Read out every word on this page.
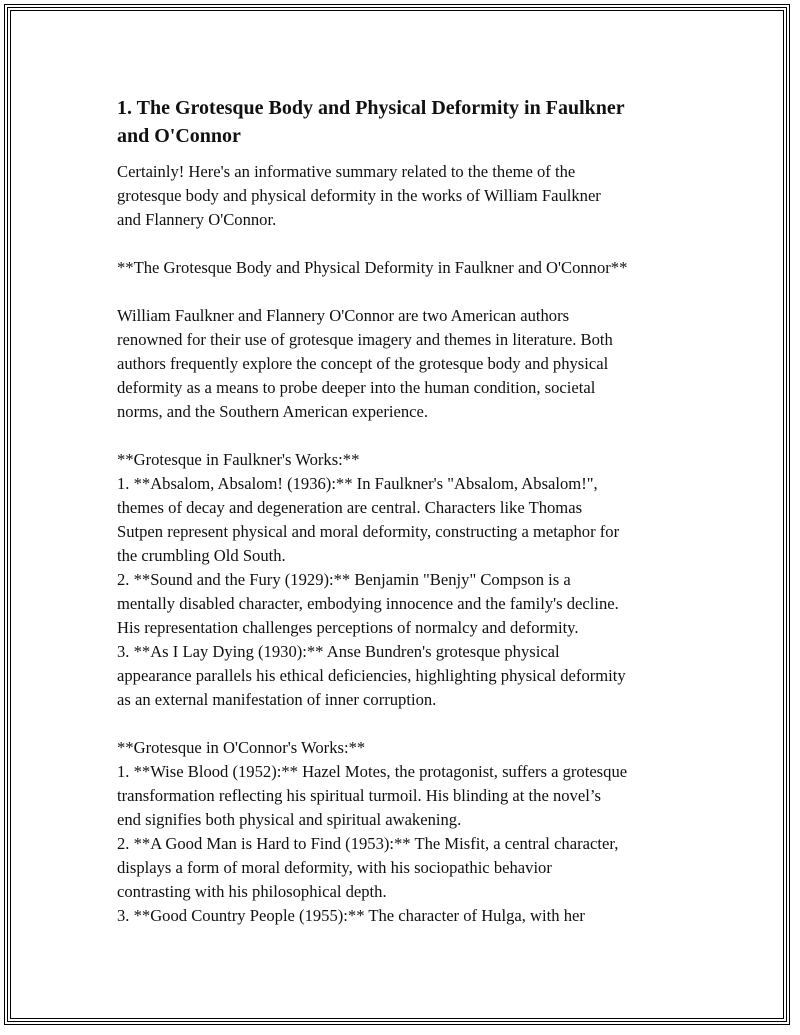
1. The Grotesque Body and Physical Deformity in Faulkner
and O'Connor

Certainly! Here's an informative summary related to the theme of the

grotesque body and physical deformity in the works of William Faulkner

and Flannery O'Connor.

**The Grotesque Body and Physical Deformity in Faulkner and O'Connor**

William Faulkner and Flannery O'Connor are two American authors

renowned for their use of grotesque imagery and themes in literature. Both

authors frequently explore the concept of the grotesque body and physical

deformity as a means to probe deeper into the human condition, societal

norms, and the Southern American experience.

**Grotesque in Faulkner's Works:**

1. **Absalom, Absalom! (1936):** In Faulkner's "Absalom, Absalom!",

themes of decay and degeneration are central. Characters like Thomas

Sutpen represent physical and moral deformity, constructing a metaphor for

the crumbling Old South.

2. **Sound and the Fury (1929):** Benjamin "Benjy" Compson is a

mentally disabled character, embodying innocence and the family's decline.

His representation challenges perceptions of normalcy and deformity.

3. **As I Lay Dying (1930):** Anse Bundren's grotesque physical

appearance parallels his ethical deficiencies, highlighting physical deformity

as an external manifestation of inner corruption.

**Grotesque in O'Connor's Works:**

1. **Wise Blood (1952):** Hazel Motes, the protagonist, suffers a grotesque

transformation reflecting his spiritual turmoil. His blinding at the novel’s

end signifies both physical and spiritual awakening.

2. **A Good Man is Hard to Find (1953):** The Misfit, a central character,

displays a form of moral deformity, with his sociopathic behavior

contrasting with his philosophical depth.

3. **Good Country People (1955):** The character of Hulga, with her
